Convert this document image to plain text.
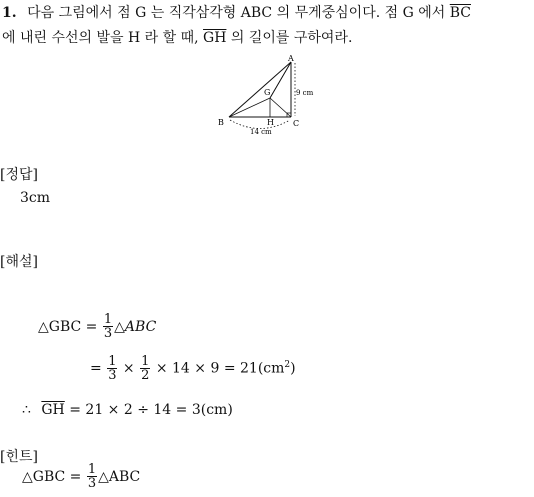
1. 다음 그림에서 점 G 는 직각삼각형 ABC 의 무게중심이다. 점 G 에서 $\overline{BC}$
에 내린 수선의 발을 H 라 할 때, $\overline{GH}$ 의 길이를 구하여라.
A
B	C
G
H
9 cm
14 cm
[정답]
3cm
[해설]
△GBC = $\frac{1}{3}$ △ABC
= $\frac{1}{3} \times \frac{1}{2} \times 14 \times 9 = 21(cm^2)$
∴ $\overline{GH} = 21 \times 2 \div 14 = 3(cm)$
[힌트]
△GBC = $\frac{1}{3}$ △ABC
